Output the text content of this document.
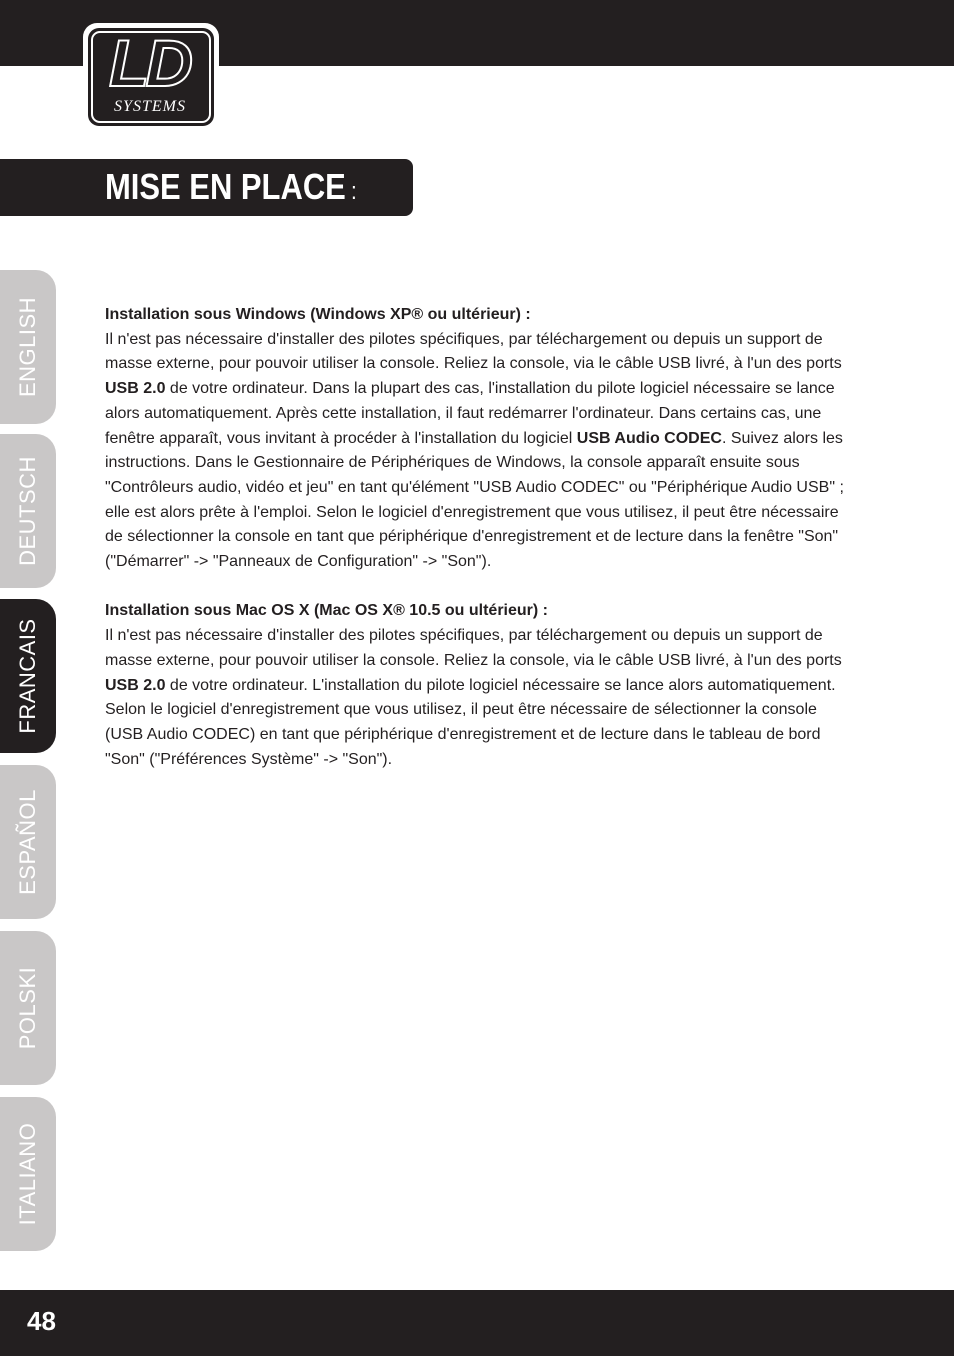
LD
SYSTEMS
MISE EN PLACE :
ENGLISH
DEUTSCH
FRANCAIS
ESPAÑOL
POLSKI
ITALIANO

Installation sous Windows (Windows XP® ou ultérieur) :

Il n'est pas nécessaire d'installer des pilotes spécifiques, par téléchargement ou depuis un support de masse externe, pour pouvoir utiliser la console. Reliez la console, via le câble USB livré, à l'un des ports USB 2.0 de votre ordinateur. Dans la plupart des cas, l'installation du pilote logiciel nécessaire se lance alors automatiquement. Après cette installation, il faut redémarrer l'ordinateur. Dans certains cas, une fenêtre apparaît, vous invitant à procéder à l'installation du logiciel USB Audio CODEC. Suivez alors les instructions. Dans le Gestionnaire de Périphériques de Windows, la console apparaît ensuite sous "Contrôleurs audio, vidéo et jeu" en tant qu'élément "USB Audio CODEC" ou "Périphérique Audio USB" ; elle est alors prête à l'emploi. Selon le logiciel d'enregistrement que vous utilisez, il peut être nécessaire de sélectionner la console en tant que périphérique d'enregistrement et de lecture dans la fenêtre "Son" ("Démarrer" -> "Panneaux de Configuration" -> "Son").

Installation sous Mac OS X (Mac OS X® 10.5 ou ultérieur) :

Il n'est pas nécessaire d'installer des pilotes spécifiques, par téléchargement ou depuis un support de masse externe, pour pouvoir utiliser la console. Reliez la console, via le câble USB livré, à l'un des ports USB 2.0 de votre ordinateur. L'installation du pilote logiciel nécessaire se lance alors automatiquement. Selon le logiciel d'enregistrement que vous utilisez, il peut être nécessaire de sélectionner la console (USB Audio CODEC) en tant que périphérique d'enregistrement et de lecture dans le tableau de bord "Son" ("Préférences Système" -> "Son").

48
